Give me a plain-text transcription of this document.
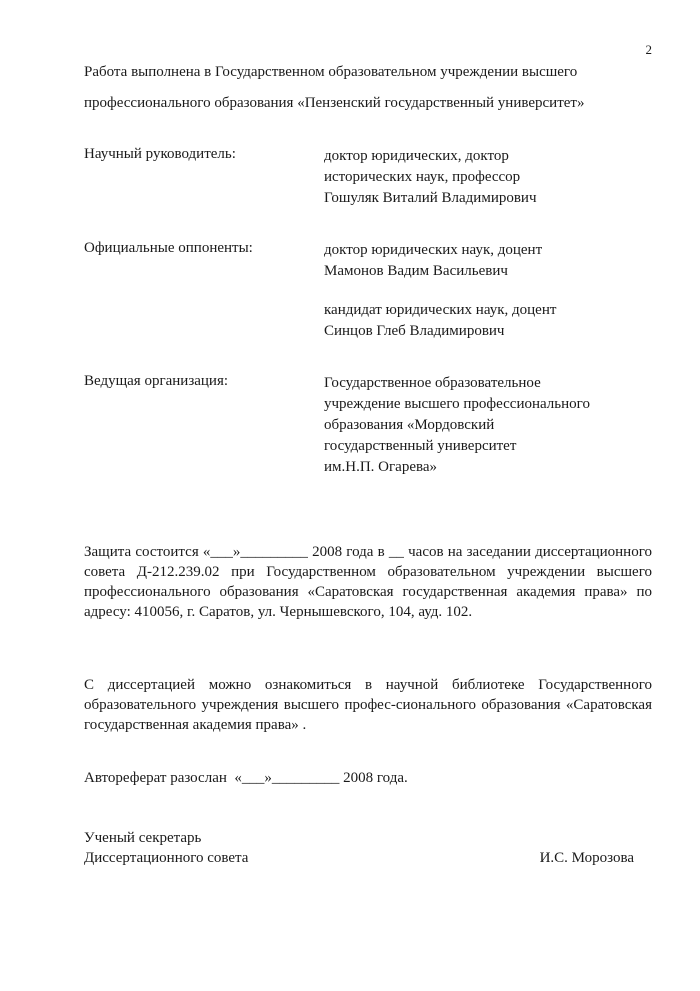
2
Работа выполнена в Государственном образовательном учреждении высшего
профессионального образования «Пензенский государственный университет»
Научный руководитель:	доктор юридических, доктор
исторических наук, профессор
Гошуляк Виталий Владимирович
Официальные оппоненты:	доктор юридических наук, доцент
Мамонов Вадим Васильевич
кандидат юридических наук, доцент
Синцов Глеб Владимирович
Ведущая организация:	Государственное образовательное
учреждение высшего профессионального
образования «Мордовский
государственный университет
им.Н.П. Огарева»
Защита состоится «___»_________ 2008 года в __ часов на заседании диссертационного совета Д-212.239.02 при Государственном образовательном учреждении высшего профессионального образования «Саратовская государственная академия права» по адресу: 410056, г. Саратов, ул. Чернышевского, 104, ауд. 102.
С диссертацией можно ознакомиться в научной библиотеке Государственного образовательного учреждения высшего профес-сионального образования «Саратовская государственная академия права» .
Автореферат разослан  «___»_________ 2008 года.
Ученый секретарь
Диссертационного совета	И.С. Морозова
